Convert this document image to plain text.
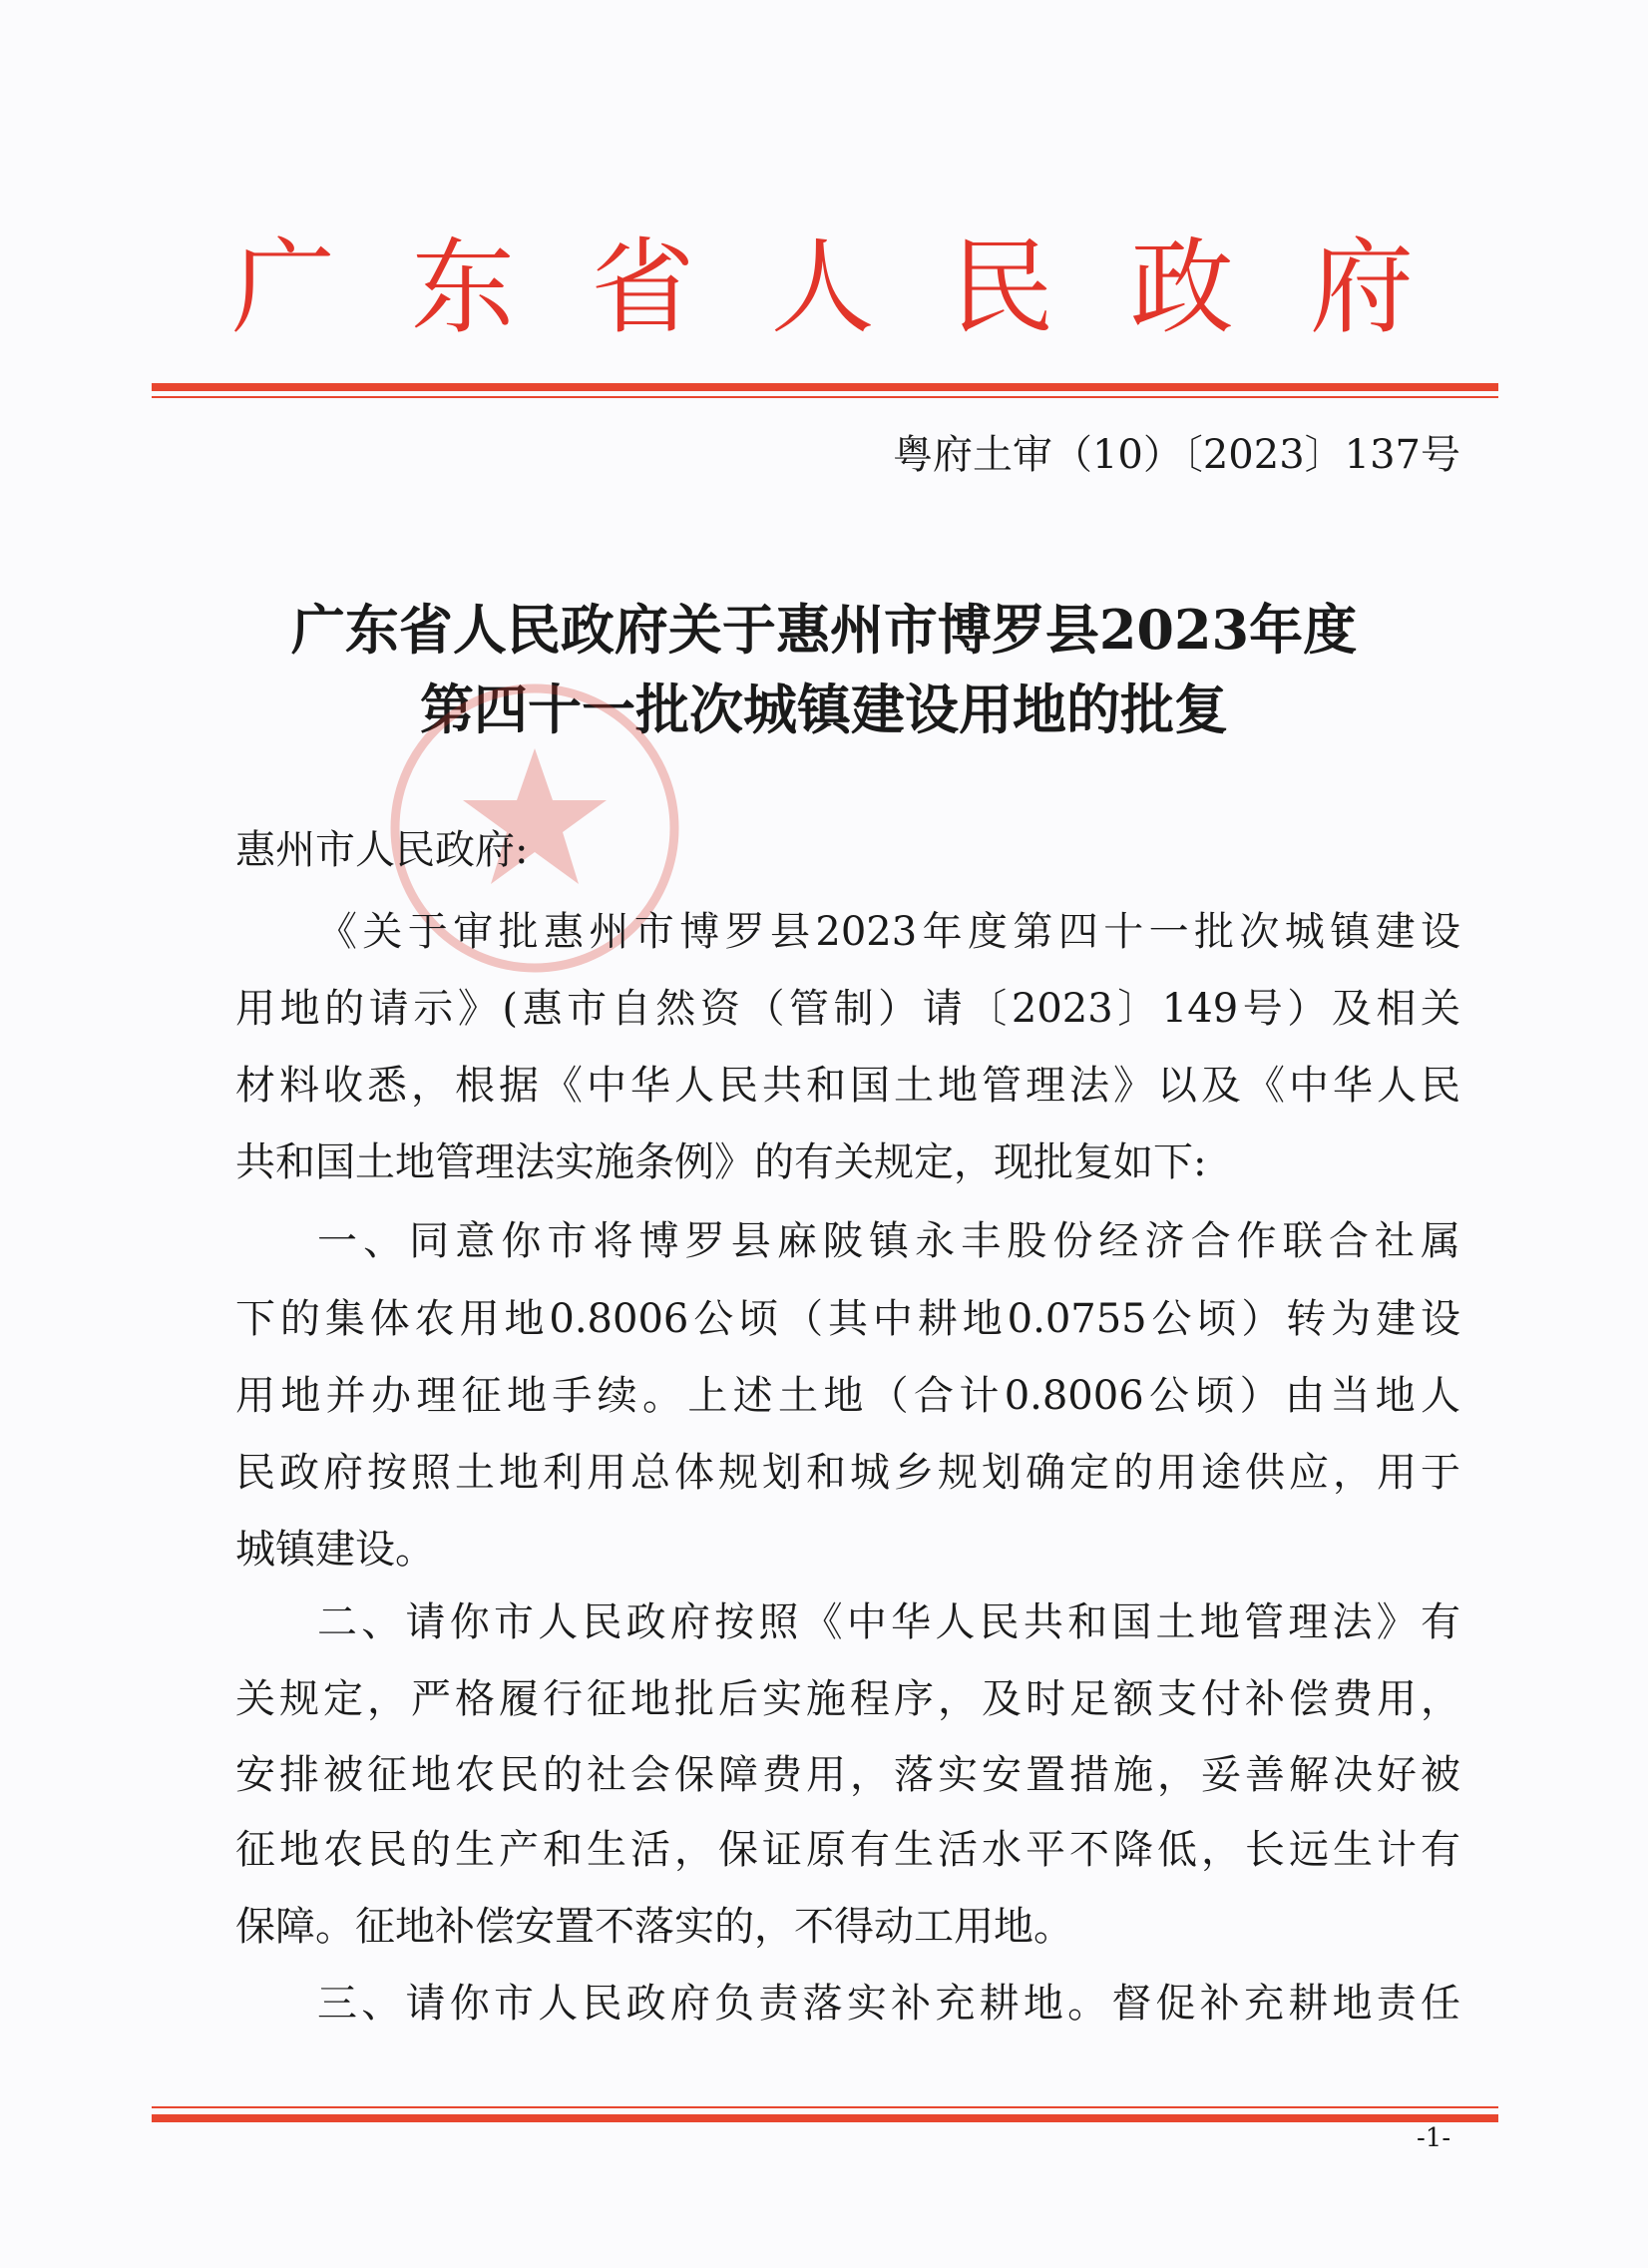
广 东 省 人 民 政 府
粤府土审（10）〔2023〕137号
广东省人民政府关于惠州市博罗县2023年度
第四十一批次城镇建设用地的批复
惠州市人民政府:
《关于审批惠州市博罗县2023年度第四十一批次城镇建设
用地的请示》(惠市自然资（管制）请〔2023〕149号）及相关
材料收悉，根据《中华人民共和国土地管理法》以及《中华人民
共和国土地管理法实施条例》的有关规定，现批复如下:
一、同意你市将博罗县麻陂镇永丰股份经济合作联合社属
下的集体农用地0.8006公顷（其中耕地0.0755公顷）转为建设
用地并办理征地手续。上述土地（合计0.8006公顷）由当地人
民政府按照土地利用总体规划和城乡规划确定的用途供应，用于
城镇建设。
二、请你市人民政府按照《中华人民共和国土地管理法》有
关规定，严格履行征地批后实施程序，及时足额支付补偿费用，
安排被征地农民的社会保障费用，落实安置措施，妥善解决好被
征地农民的生产和生活，保证原有生活水平不降低，长远生计有
保障。征地补偿安置不落实的，不得动工用地。
三、请你市人民政府负责落实补充耕地。督促补充耕地责任
-1-
